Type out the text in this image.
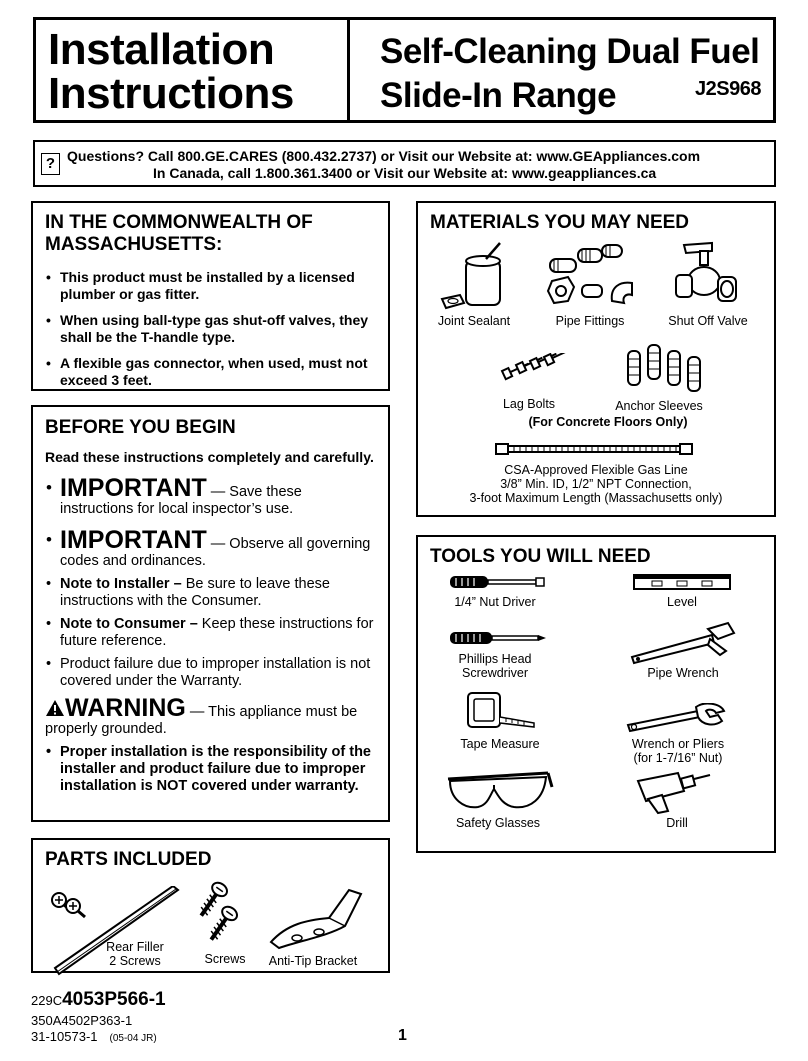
Installation
Instructions
Self-Cleaning Dual Fuel
Slide-In Range	J2S968
? Questions? Call 800.GE.CARES (800.432.2737) or Visit our Website at: www.GEAppliances.com
In Canada, call 1.800.361.3400 or Visit our Website at: www.geappliances.ca
IN THE COMMONWEALTH OF MASSACHUSETTS:
• This product must be installed by a licensed plumber or gas fitter.
• When using ball-type gas shut-off valves, they shall be the T-handle type.
• A flexible gas connector, when used, must not exceed 3 feet.
BEFORE YOU BEGIN
Read these instructions completely and carefully.
• IMPORTANT — Save these instructions for local inspector’s use.
• IMPORTANT — Observe all governing codes and ordinances.
• Note to Installer – Be sure to leave these instructions with the Consumer.
• Note to Consumer – Keep these instructions for future reference.
• Product failure due to improper installation is not covered under the Warranty.
WARNING — This appliance must be properly grounded.
• Proper installation is the responsibility of the installer and product failure due to improper installation is NOT covered under warranty.
PARTS INCLUDED
Rear Filler
2 Screws	Screws	Anti-Tip Bracket
MATERIALS YOU MAY NEED
Joint Sealant	Pipe Fittings	Shut Off Valve
Lag Bolts	Anchor Sleeves
(For Concrete Floors Only)
CSA-Approved Flexible Gas Line
3/8” Min. ID, 1/2” NPT Connection,
3-foot Maximum Length (Massachusetts only)
TOOLS YOU WILL NEED
1/4” Nut Driver	Level
Phillips Head
Screwdriver	Pipe Wrench
Tape Measure	Wrench or Pliers
(for 1-7/16” Nut)
Safety Glasses	Drill
229C4053P566-1
350A4502P363-1
31-10573-1 (05-04 JR)	1
